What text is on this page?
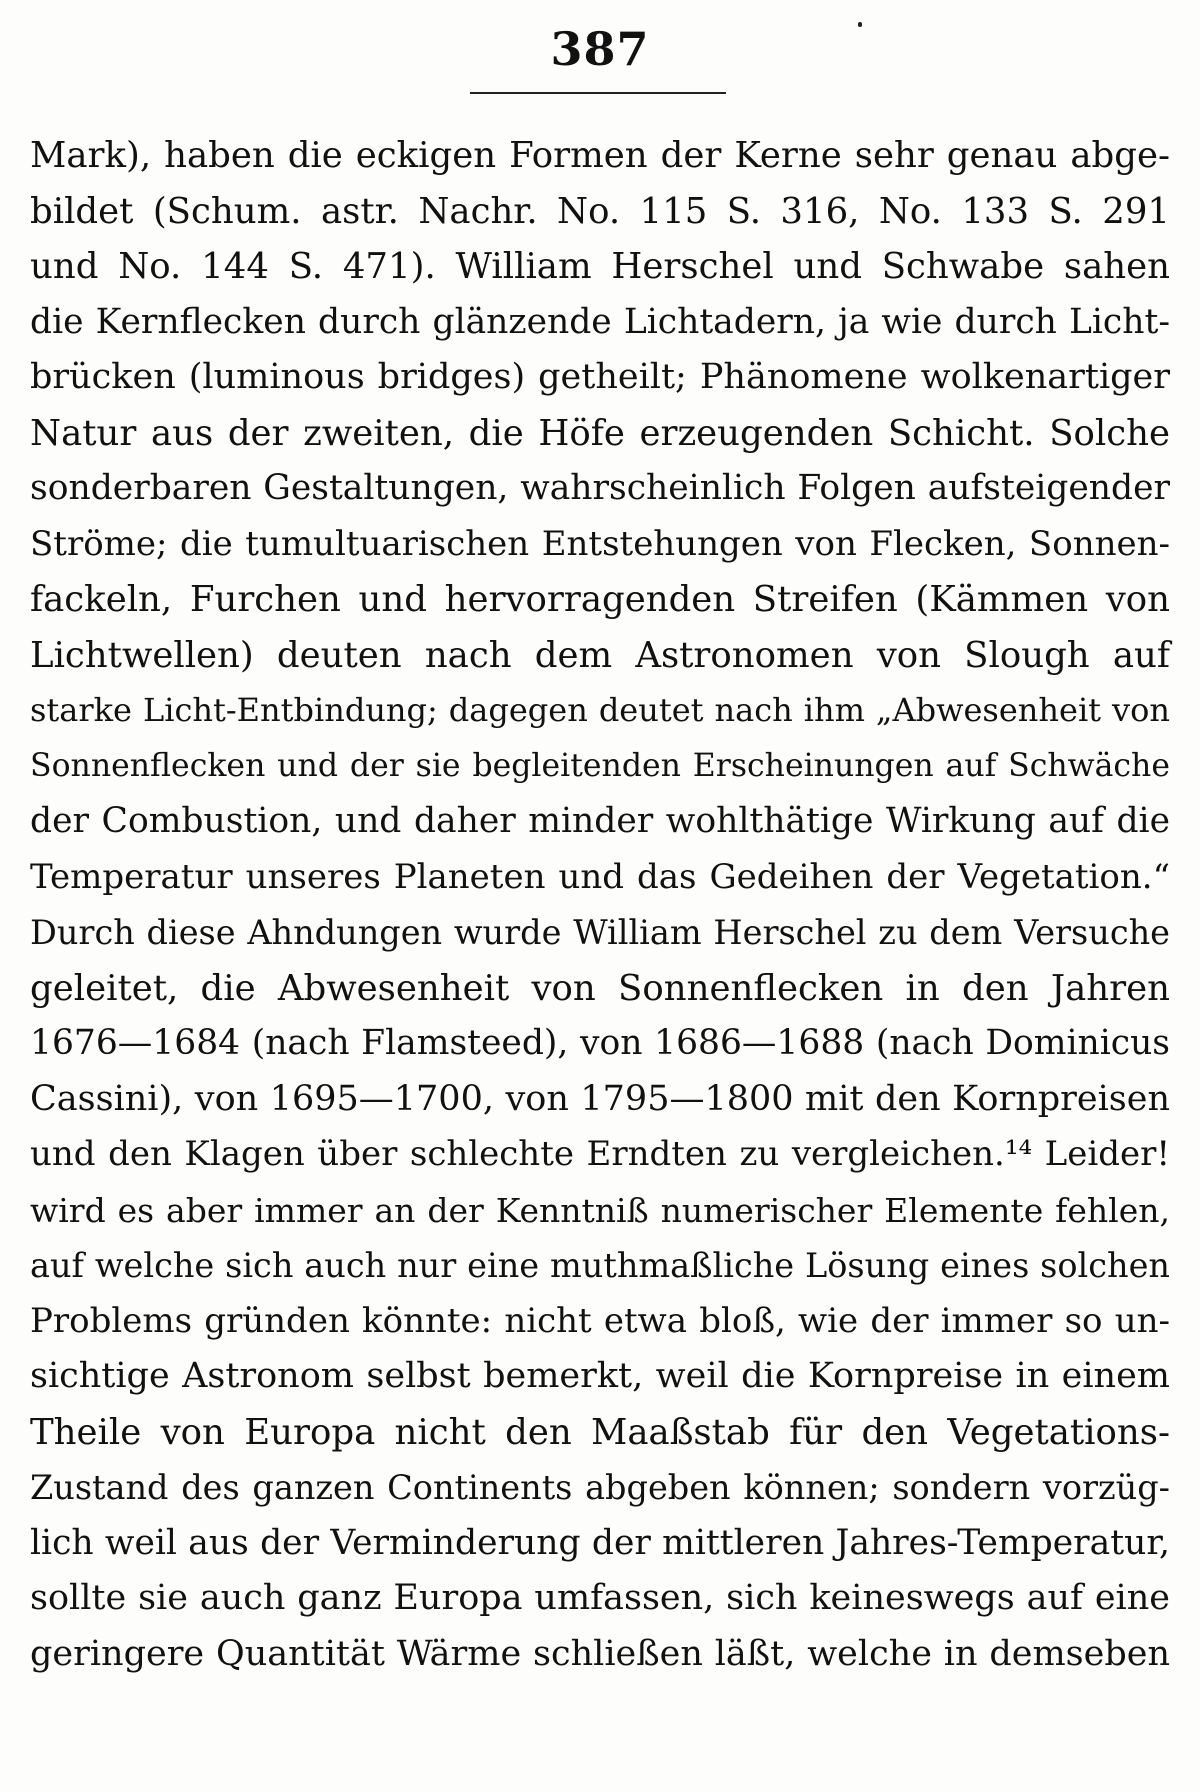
387
Mark), haben die eckigen Formen der Kerne sehr genau abge-
bildet (Schum. astr. Nachr. No. 115 S. 316, No. 133 S. 291
und No. 144 S. 471). William Herschel und Schwabe sahen
die Kernflecken durch glänzende Lichtadern, ja wie durch Licht-
brücken (luminous bridges) getheilt; Phänomene wolkenartiger
Natur aus der zweiten, die Höfe erzeugenden Schicht. Solche
sonderbaren Gestaltungen, wahrscheinlich Folgen aufsteigender
Ströme; die tumultuarischen Entstehungen von Flecken, Sonnen-
fackeln, Furchen und hervorragenden Streifen (Kämmen von
Lichtwellen) deuten nach dem Astronomen von Slough auf
starke Licht-Entbindung; dagegen deutet nach ihm „Abwesenheit von
Sonnenflecken und der sie begleitenden Erscheinungen auf Schwäche
der Combustion, und daher minder wohlthätige Wirkung auf die
Temperatur unseres Planeten und das Gedeihen der Vegetation.“
Durch diese Ahndungen wurde William Herschel zu dem Versuche
geleitet, die Abwesenheit von Sonnenflecken in den Jahren
1676—1684 (nach Flamsteed), von 1686—1688 (nach Dominicus
Cassini), von 1695—1700, von 1795—1800 mit den Kornpreisen
und den Klagen über schlechte Erndten zu vergleichen.¹⁴ Leider!
wird es aber immer an der Kenntniß numerischer Elemente fehlen,
auf welche sich auch nur eine muthmaßliche Lösung eines solchen
Problems gründen könnte: nicht etwa bloß, wie der immer so un-
sichtige Astronom selbst bemerkt, weil die Kornpreise in einem
Theile von Europa nicht den Maaßstab für den Vegetations-
Zustand des ganzen Continents abgeben können; sondern vorzüg-
lich weil aus der Verminderung der mittleren Jahres-Temperatur,
sollte sie auch ganz Europa umfassen, sich keineswegs auf eine
geringere Quantität Wärme schließen läßt, welche in demseben
